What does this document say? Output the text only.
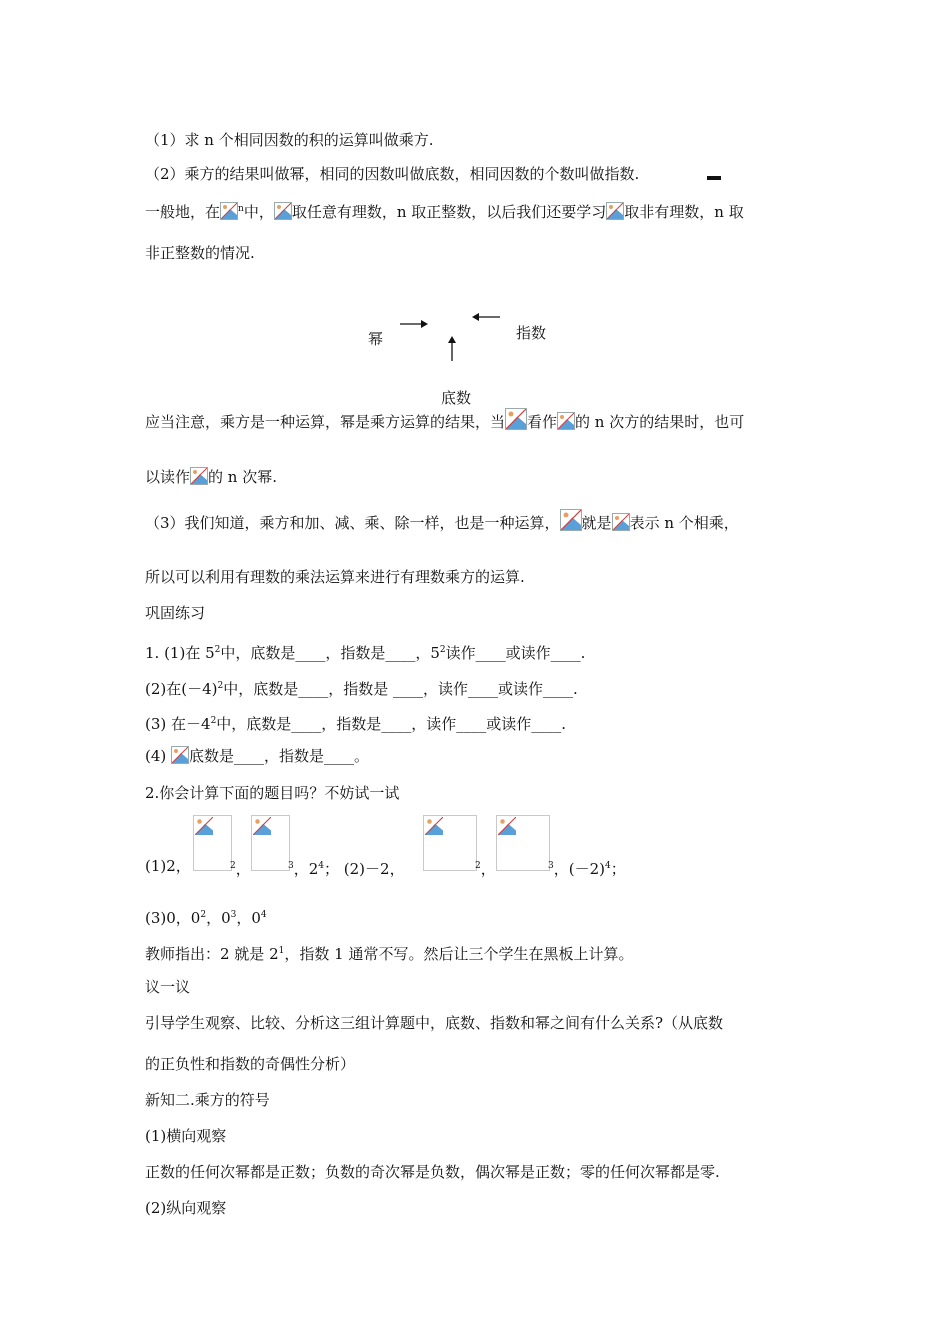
（1）求 n 个相同因数的积的运算叫做乘方.
（2）乘方的结果叫做幂，相同的因数叫做底数，相同因数的个数叫做指数.
一般地，在 $^n$中， 取任意有理数，n 取正整数，以后我们还要学习 取非有理数，n 取
非正整数的情况.
幂	指数
底数
应当注意，乘方是一种运算，幂是乘方运算的结果，当 看作 的 n 次方的结果时，也可
以读作 的 n 次幂.
（3）我们知道，乘方和加、减、乘、除一样，也是一种运算， 就是 表示 n 个相乘，
所以可以利用有理数的乘法运算来进行有理数乘方的运算.
巩固练习
1. (1)在 $5^2$中，底数是____，指数是____，$5^2$读作____或读作____.
(2)在$(-4)^2$中，底数是____，指数是 ____，读作____或读作____.
(3) 在$-4^2$中，底数是____，指数是____，读作____或读作____.
(4)
底数是____，指数是____。
2.你会计算下面的题目吗？不妨试一试
(1)2，	$^2$，	$^3$，$2^4$； (2)－2，	$^2$，	$^3$，$(-2)^4$；
(3)0，$0^2$，$0^3$，$0^4$
教师指出：2 就是 $2^1$，指数 1 通常不写。然后让三个学生在黑板上计算。
议一议
引导学生观察、比较、分析这三组计算题中，底数、指数和幂之间有什么关系?（从底数
的正负性和指数的奇偶性分析）
新知二.乘方的符号
(1)横向观察
正数的任何次幂都是正数；负数的奇次幂是负数，偶次幂是正数；零的任何次幂都是零.
(2)纵向观察
